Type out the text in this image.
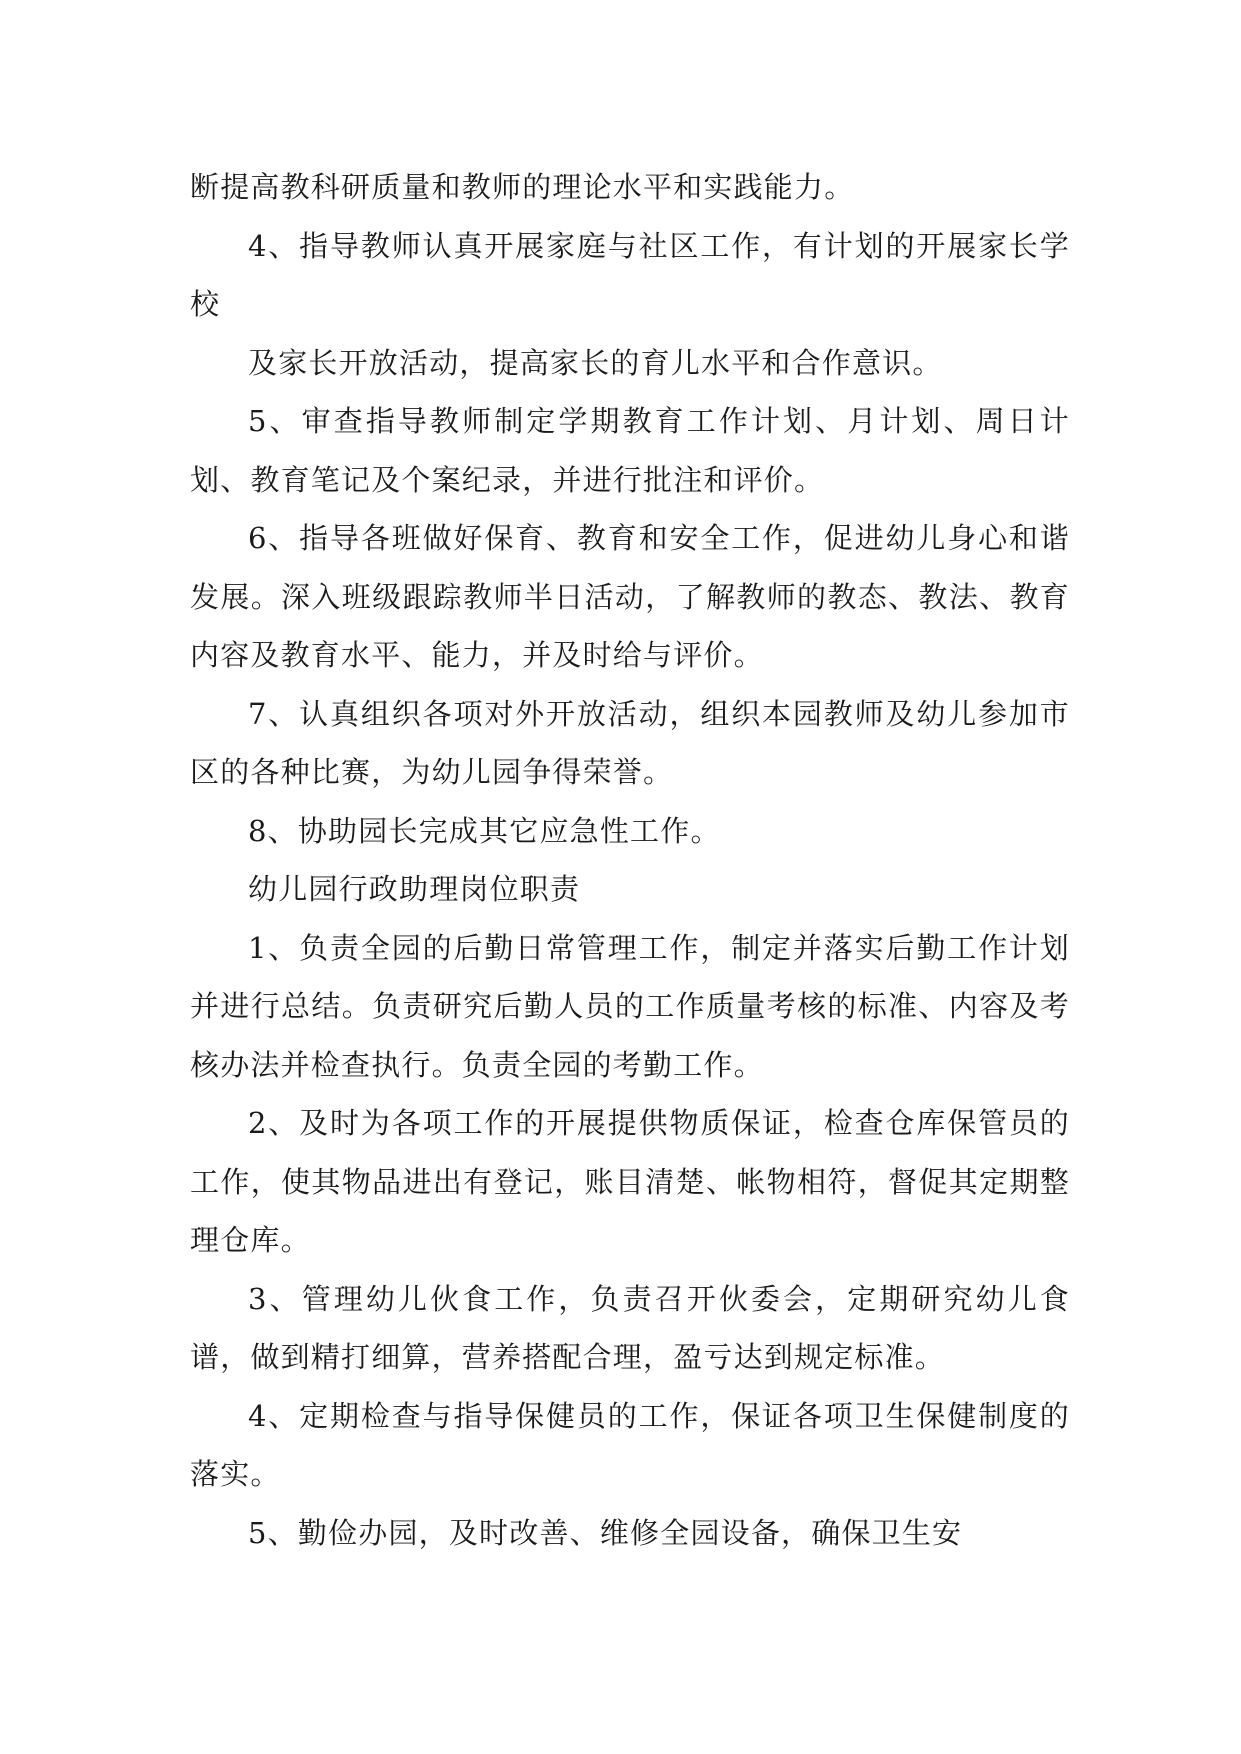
断提高教科研质量和教师的理论水平和实践能力。

4、指导教师认真开展家庭与社区工作，有计划的开展家长学校

及家长开放活动，提高家长的育儿水平和合作意识。

5、审查指导教师制定学期教育工作计划、月计划、周日计划、教育笔记及个案纪录，并进行批注和评价。

6、指导各班做好保育、教育和安全工作，促进幼儿身心和谐发展。深入班级跟踪教师半日活动，了解教师的教态、教法、教育内容及教育水平、能力，并及时给与评价。

7、认真组织各项对外开放活动，组织本园教师及幼儿参加市区的各种比赛，为幼儿园争得荣誉。

8、协助园长完成其它应急性工作。

幼儿园行政助理岗位职责

1、负责全园的后勤日常管理工作，制定并落实后勤工作计划并进行总结。负责研究后勤人员的工作质量考核的标准、内容及考核办法并检查执行。负责全园的考勤工作。

2、及时为各项工作的开展提供物质保证，检查仓库保管员的工作，使其物品进出有登记，账目清楚、帐物相符，督促其定期整理仓库。

3、管理幼儿伙食工作，负责召开伙委会，定期研究幼儿食谱，做到精打细算，营养搭配合理，盈亏达到规定标准。

4、定期检查与指导保健员的工作，保证各项卫生保健制度的落实。

5、勤俭办园，及时改善、维修全园设备，确保卫生安
